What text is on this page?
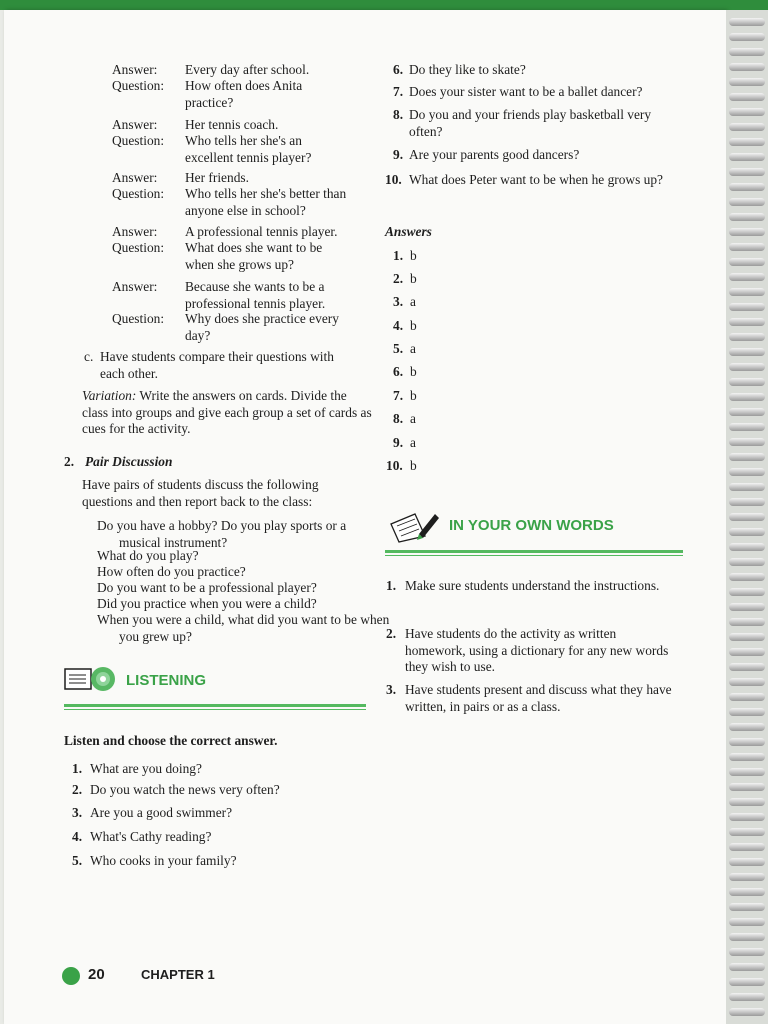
Answer: Every day after school.
Question: How often does Anita practice?
Answer: Her tennis coach.
Question: Who tells her she's an excellent tennis player?
Answer: Her friends.
Question: Who tells her she's better than anyone else in school?
Answer: A professional tennis player.
Question: What does she want to be when she grows up?
Answer: Because she wants to be a professional tennis player.
Question: Why does she practice every day?
c. Have students compare their questions with each other.
Variation: Write the answers on cards. Divide the class into groups and give each group a set of cards as cues for the activity.
2. Pair Discussion
Have pairs of students discuss the following questions and then report back to the class:
Do you have a hobby? Do you play sports or a musical instrument?
What do you play?
How often do you practice?
Do you want to be a professional player?
Did you practice when you were a child?
When you were a child, what did you want to be when you grew up?
LISTENING
Listen and choose the correct answer.
1. What are you doing?
2. Do you watch the news very often?
3. Are you a good swimmer?
4. What's Cathy reading?
5. Who cooks in your family?
6. Do they like to skate?
7. Does your sister want to be a ballet dancer?
8. Do you and your friends play basketball very often?
9. Are your parents good dancers?
10. What does Peter want to be when he grows up?
Answers
1. b
2. b
3. a
4. b
5. a
6. b
7. b
8. a
9. a
10. b
IN YOUR OWN WORDS
1. Make sure students understand the instructions.
2. Have students do the activity as written homework, using a dictionary for any new words they wish to use.
3. Have students present and discuss what they have written, in pairs or as a class.
20	CHAPTER 1
